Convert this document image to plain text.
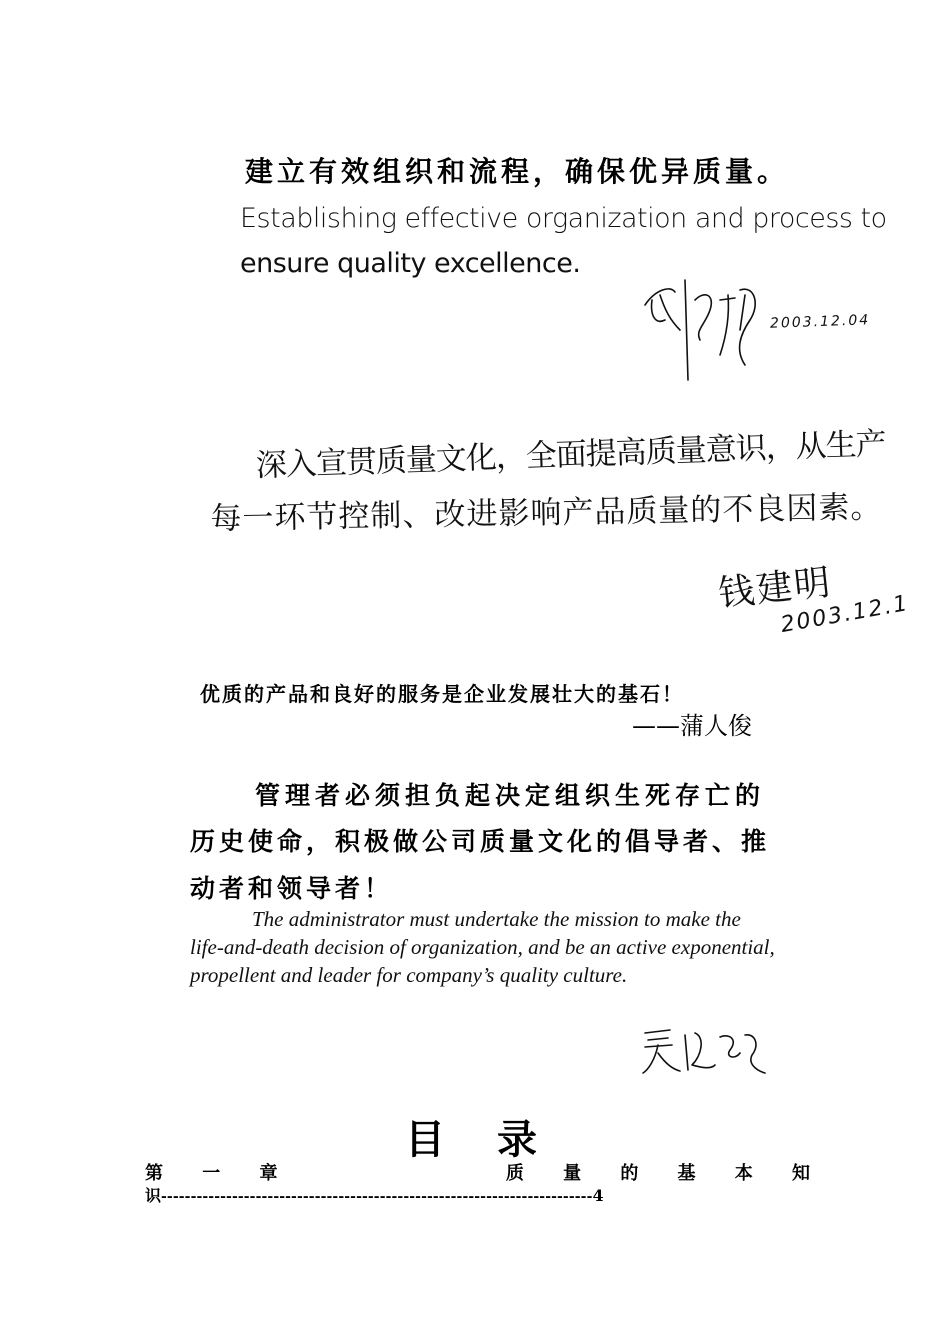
建立有效组织和流程，确保优异质量。
Establishing effective organization and process to
ensure quality excellence.
2003.12.04
深入宣贯质量文化，全面提高质量意识，从生产
每一环节控制、改进影响产品质量的不良因素。
钱建明
2003.12.1
优质的产品和良好的服务是企业发展壮大的基石！
——蒲人俊
管理者必须担负起决定组织生死存亡的
历史使命，积极做公司质量文化的倡导者、推
动者和领导者！
The administrator must undertake the mission to make the
life-and-death decision of organization, and be an active exponential,
propellent and leader for company’s quality culture.
目　录
第 一 章	质 量 的 基 本 知
识-------------------------------------------------------------------------4
